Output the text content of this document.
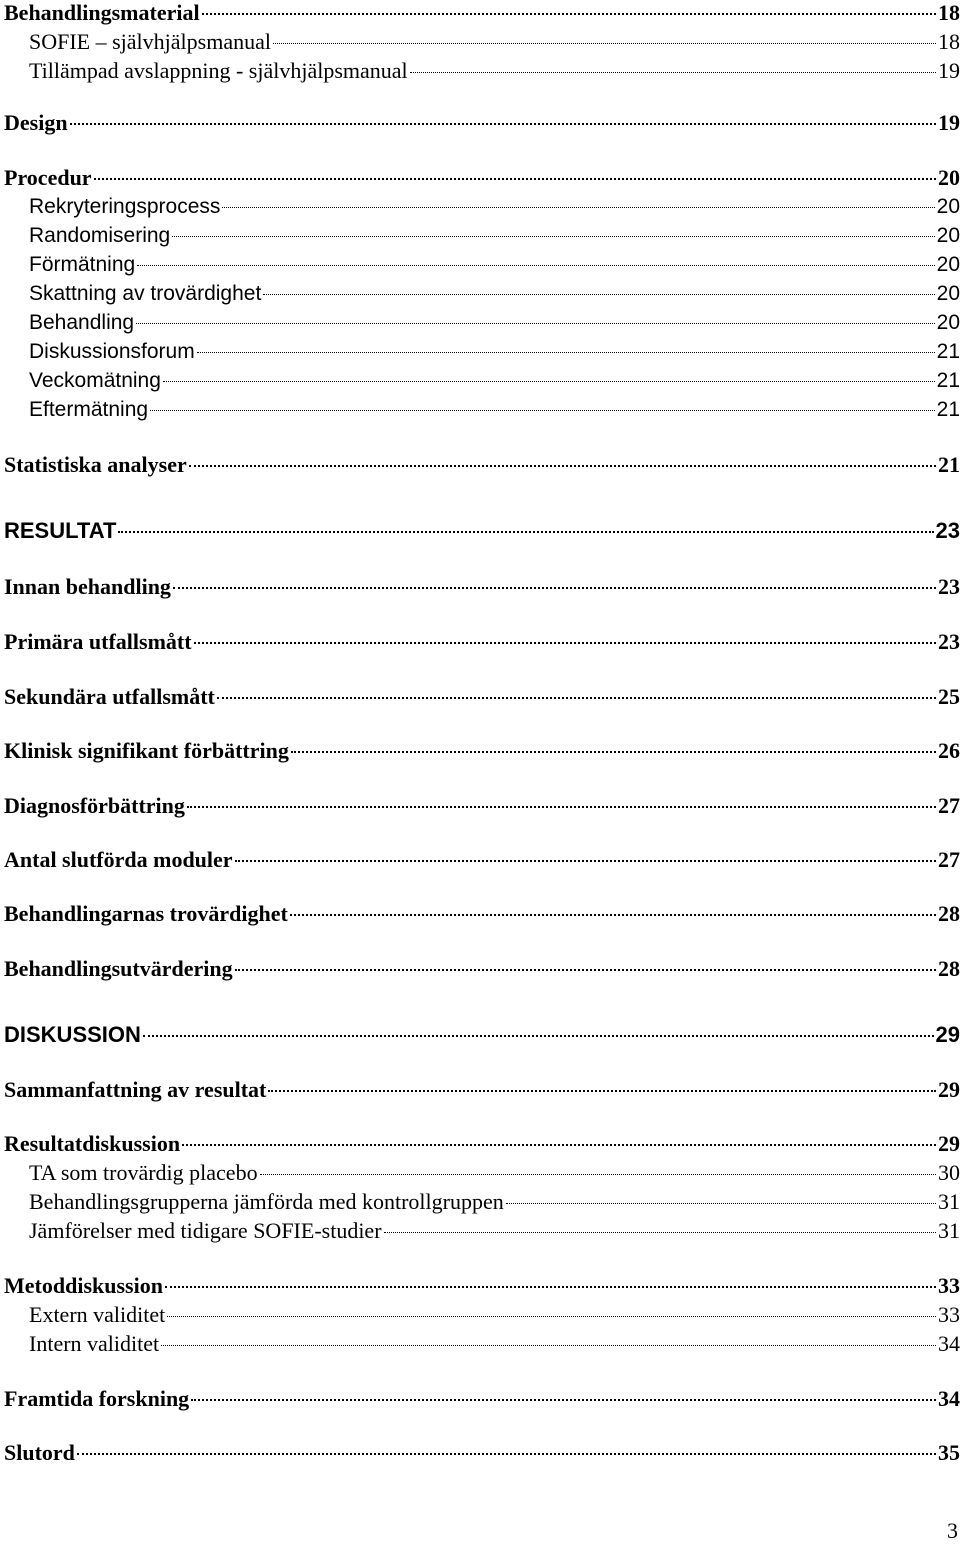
Behandlingsmaterial	18
SOFIE – självhjälpsmanual	18
Tillämpad avslappning - självhjälpsmanual	19
Design	19
Procedur	20
Rekryteringsprocess	20
Randomisering	20
Förmätning	20
Skattning av trovärdighet	20
Behandling	20
Diskussionsforum	21
Veckomätning	21
Eftermätning	21
Statistiska analyser	21
RESULTAT	23
Innan behandling	23
Primära utfallsmått	23
Sekundära utfallsmått	25
Klinisk signifikant förbättring	26
Diagnosförbättring	27
Antal slutförda moduler	27
Behandlingarnas trovärdighet	28
Behandlingsutvärdering	28
DISKUSSION	29
Sammanfattning av resultat	29
Resultatdiskussion	29
TA som trovärdig placebo	30
Behandlingsgrupperna jämförda med kontrollgruppen	31
Jämförelser med tidigare SOFIE-studier	31
Metoddiskussion	33
Extern validitet	33
Intern validitet	34
Framtida forskning	34
Slutord	35
3
